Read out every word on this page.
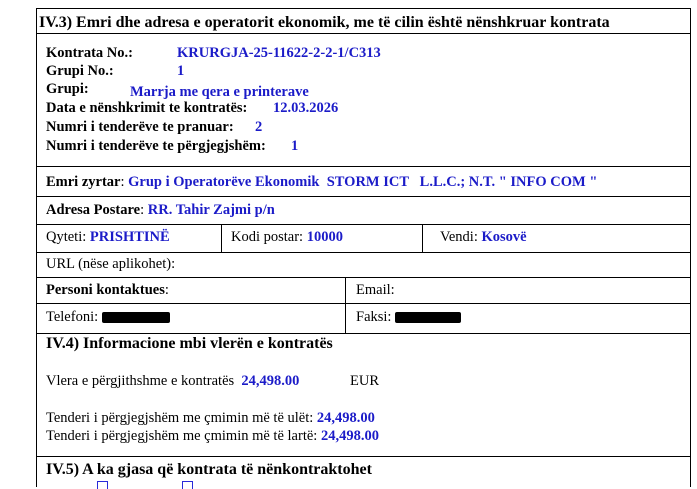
IV.3) Emri dhe adresa e operatorit ekonomik, me të cilin është nënshkruar kontrata
Kontrata No.:	KRURGJA-25-11622-2-2-1/C313
Grupi No.:	1
Grupi:	Marrja me qera e printerave
Data e nënshkrimit te kontratës: 12.03.2026
Numri i tenderëve te pranuar: 2
Numri i tenderëve te përgjegjshëm: 1
Emri zyrtar: Grup i Operatorëve Ekonomik  STORM ICT   L.L.C.; N.T. " INFO COM "
Adresa Postare: RR. Tahir Zajmi p/n
Qyteti: PRISHTINË	Kodi postar: 10000	Vendi: Kosovë
URL (nëse aplikohet):
Personi kontaktues:	Email:
Telefoni:	Faksi:
IV.4) Informacione mbi vlerën e kontratës
Vlera e përgjithshme e kontratës 24,498.00	EUR
Tenderi i përgjegjshëm me çmimin më të ulët: 24,498.00
Tenderi i përgjegjshëm me çmimin më të lartë: 24,498.00
IV.5) A ka gjasa që kontrata të nënkontraktohet
